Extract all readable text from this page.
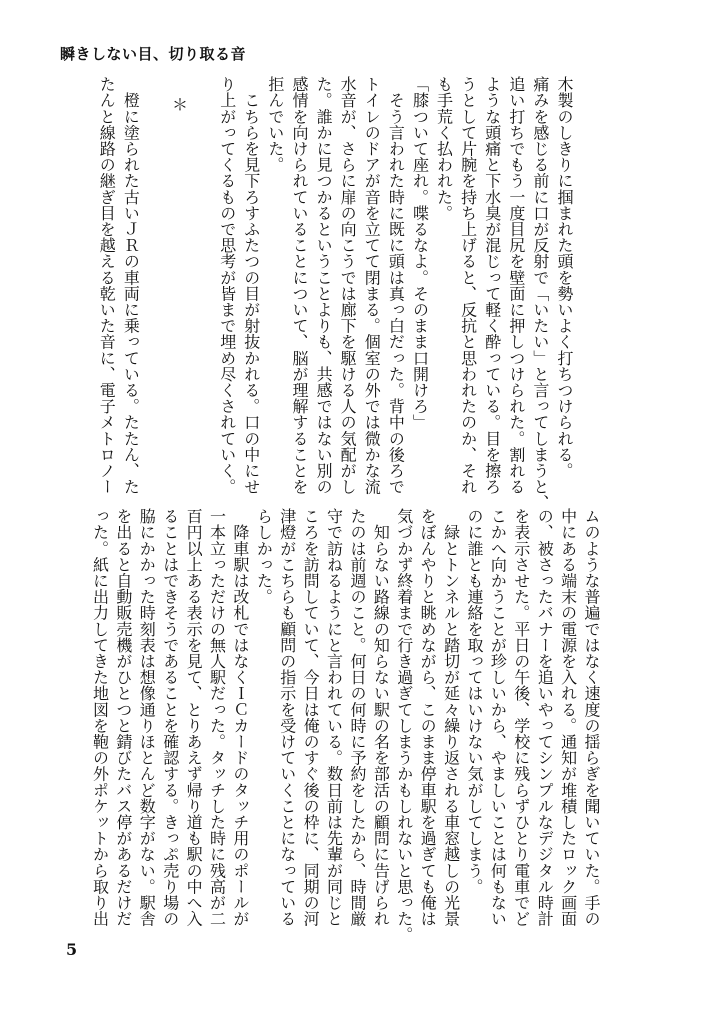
瞬きしない目、切り取る音
木製のしきりに掴まれた頭を勢いよく打ちつけられる。
痛みを感じる前に口が反射で「いたい」と言ってしまうと、
追い打ちでもう一度目尻を壁面に押しつけられた。割れる
ような頭痛と下水臭が混じって軽く酔っている。目を擦ろ
うとして片腕を持ち上げると、反抗と思われたのか、それ
も手荒く払われた。
「膝ついて座れ。喋るなよ。そのまま口開けろ」
　そう言われた時に既に頭は真っ白だった。背中の後ろで
トイレのドアが音を立てて閉まる。個室の外では微かな流
水音が、さらに扉の向こうでは廊下を駆ける人の気配がし
た。誰かに見つかるということよりも、共感ではない別の
感情を向けられていることについて、脳が理解することを
拒んでいた。
　こちらを見下ろすふたつの目が射抜かれる。口の中にせ
り上がってくるもので思考が皆まで埋め尽くされていく。

＊

　橙に塗られた古いＪＲの車両に乗っている。たたん、た
たんと線路の継ぎ目を越える乾いた音に、電子メトロノー
ムのような普遍ではなく速度の揺らぎを聞いていた。手の
中にある端末の電源を入れる。通知が堆積したロック画面
の、被さったバナーを追いやってシンプルなデジタル時計
を表示させた。平日の午後、学校に残らずひとり電車でど
こかへ向かうことが珍しいから、やましいことは何もない
のに誰とも連絡を取ってはいけない気がしてしまう。
　緑とトンネルと踏切が延々繰り返される車窓越しの光景
をぼんやりと眺めながら、このまま停車駅を過ぎても俺は
気づかず終着まで行き過ぎてしまうかもしれないと思った。
　知らない路線の知らない駅の名を部活の顧問に告げられ
たのは前週のこと。何日の何時に予約をしたから、時間厳
守で訪ねるようにと言われている。数日前は先輩が同じと
ころを訪問していて、今日は俺のすぐ後の枠に、同期の河
津燈がこちらも顧問の指示を受けていくことになっている
らしかった。
　降車駅は改札ではなくＩＣカードのタッチ用のポールが
一本立っただけの無人駅だった。タッチした時に残高が二
百円以上ある表示を見て、とりあえず帰り道も駅の中へ入
ることはできそうであることを確認する。きっぷ売り場の
脇にかかった時刻表は想像通りほとんど数字がない。駅舎
を出ると自動販売機がひとつと錆びたバス停があるだけだ
った。紙に出力してきた地図を鞄の外ポケットから取り出
5
